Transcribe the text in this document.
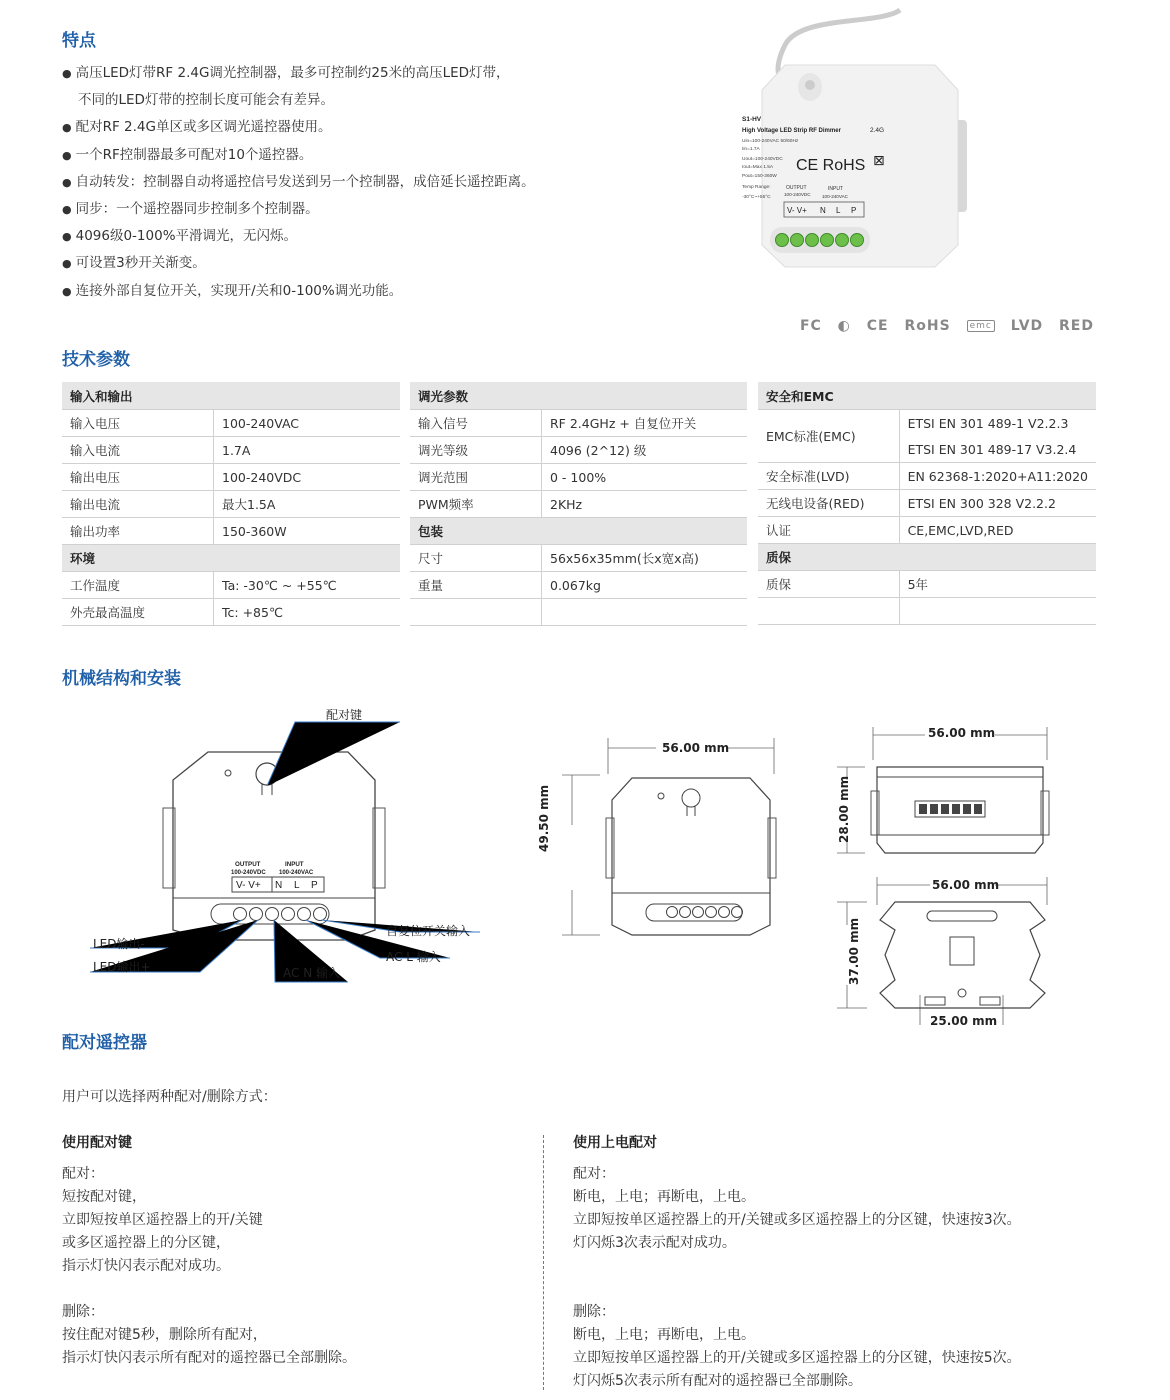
特点
● 高压LED灯带RF 2.4G调光控制器，最多可控制约25米的高压LED灯带，
不同的LED灯带的控制长度可能会有差异。
● 配对RF 2.4G单区或多区调光遥控器使用。
● 一个RF控制器最多可配对10个遥控器。
● 自动转发：控制器自动将遥控信号发送到另一个控制器，成倍延长遥控距离。
● 同步：一个遥控器同步控制多个控制器。
● 4096级0-100%平滑调光，无闪烁。
● 可设置3秒开关渐变。
● 连接外部自复位开关，实现开/关和0-100%调光功能。
S1-HV
High Voltage LED Strip RF Dimmer	2.4G
Uin=100-240VAC 50/60Hz
Iin=1.7A
Uout=100-240VDC
Iout=Max 1.5A
Pout=150-360W
Temp Range:
-30°C~+55°C
CE RoHS ⊠
OUTPUT
100-240VDC
INPUT
100-240VAC
V- V+ N L P
FC ◐ CE RoHS emc LVD RED
技术参数
输入和输出	
输入电压	100-240VAC
输入电流	1.7A
输出电压	100-240VDC
输出电流	最大1.5A
输出功率	150-360W
环境	
工作温度	Ta: -30℃ ~ +55℃
外壳最高温度	Tc: +85℃
调光参数	
输入信号	RF 2.4GHz + 自复位开关
调光等级	4096 (2^12) 级
调光范围	0 - 100%
PWM频率	2KHz
包装	
尺寸	56x56x35mm(长x宽x高)
重量	0.067kg

安全和EMC	
EMC标准(EMC)	ETSI EN 301 489-1 V2.2.3
	ETSI EN 301 489-17 V3.2.4
安全标准(LVD)	EN 62368-1:2020+A11:2020
无线电设备(RED)	ETSI EN 300 328 V2.2.2
认证	CE,EMC,LVD,RED
质保	
质保	5年

机械结构和安装
OUTPUT
100-240VDC
INPUT
100-240VAC
V- V+ N L P
配对键
LED输出-
LED输出+	AC N 输入
自复位开关输入
AC L 输入
56.00 mm
49.50 mm
56.00 mm
28.00 mm
56.00 mm
37.00 mm
25.00 mm
配对遥控器
用户可以选择两种配对/删除方式：
使用配对键
配对：
短按配对键，
立即短按单区遥控器上的开/关键
或多区遥控器上的分区键，
指示灯快闪表示配对成功。
删除：
按住配对键5秒，删除所有配对，
指示灯快闪表示所有配对的遥控器已全部删除。
使用上电配对
配对：
断电，上电；再断电，上电。
立即短按单区遥控器上的开/关键或多区遥控器上的分区键，快速按3次。
灯闪烁3次表示配对成功。
删除：
断电，上电；再断电，上电。
立即短按单区遥控器上的开/关键或多区遥控器上的分区键，快速按5次。
灯闪烁5次表示所有配对的遥控器已全部删除。
